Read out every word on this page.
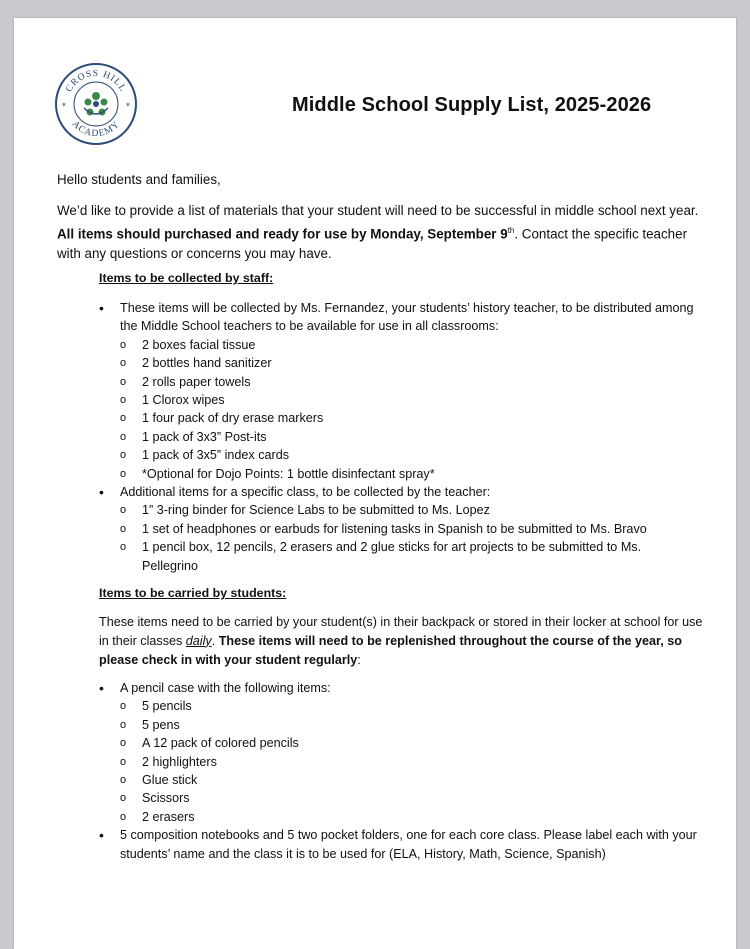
CROSS HILL
ACADEMY
✶	✶	Middle School Supply List, 2025-2026
Hello students and families,
We’d like to provide a list of materials that your student will need to be successful in middle school next year. All items should purchased and ready for use by Monday, September 9th. Contact the specific teacher with any questions or concerns you may have.
Items to be collected by staff:
• These items will be collected by Ms. Fernandez, your students’ history teacher, to be distributed among the Middle School teachers to be available for use in all classrooms:
o 2 boxes facial tissue
o 2 bottles hand sanitizer
o 2 rolls paper towels
o 1 Clorox wipes
o 1 four pack of dry erase markers
o 1 pack of 3x3” Post-its
o 1 pack of 3x5” index cards
o *Optional for Dojo Points: 1 bottle disinfectant spray*
• Additional items for a specific class, to be collected by the teacher:
o 1” 3-ring binder for Science Labs to be submitted to Ms. Lopez
o 1 set of headphones or earbuds for listening tasks in Spanish to be submitted to Ms. Bravo
o 1 pencil box, 12 pencils, 2 erasers and 2 glue sticks for art projects to be submitted to Ms. Pellegrino
Items to be carried by students:
These items need to be carried by your student(s) in their backpack or stored in their locker at school for use in their classes daily. These items will need to be replenished throughout the course of the year, so please check in with your student regularly:
• A pencil case with the following items:
o 5 pencils
o 5 pens
o A 12 pack of colored pencils
o 2 highlighters
o Glue stick
o Scissors
o 2 erasers
• 5 composition notebooks and 5 two pocket folders, one for each core class. Please label each with your students’ name and the class it is to be used for (ELA, History, Math, Science, Spanish)
